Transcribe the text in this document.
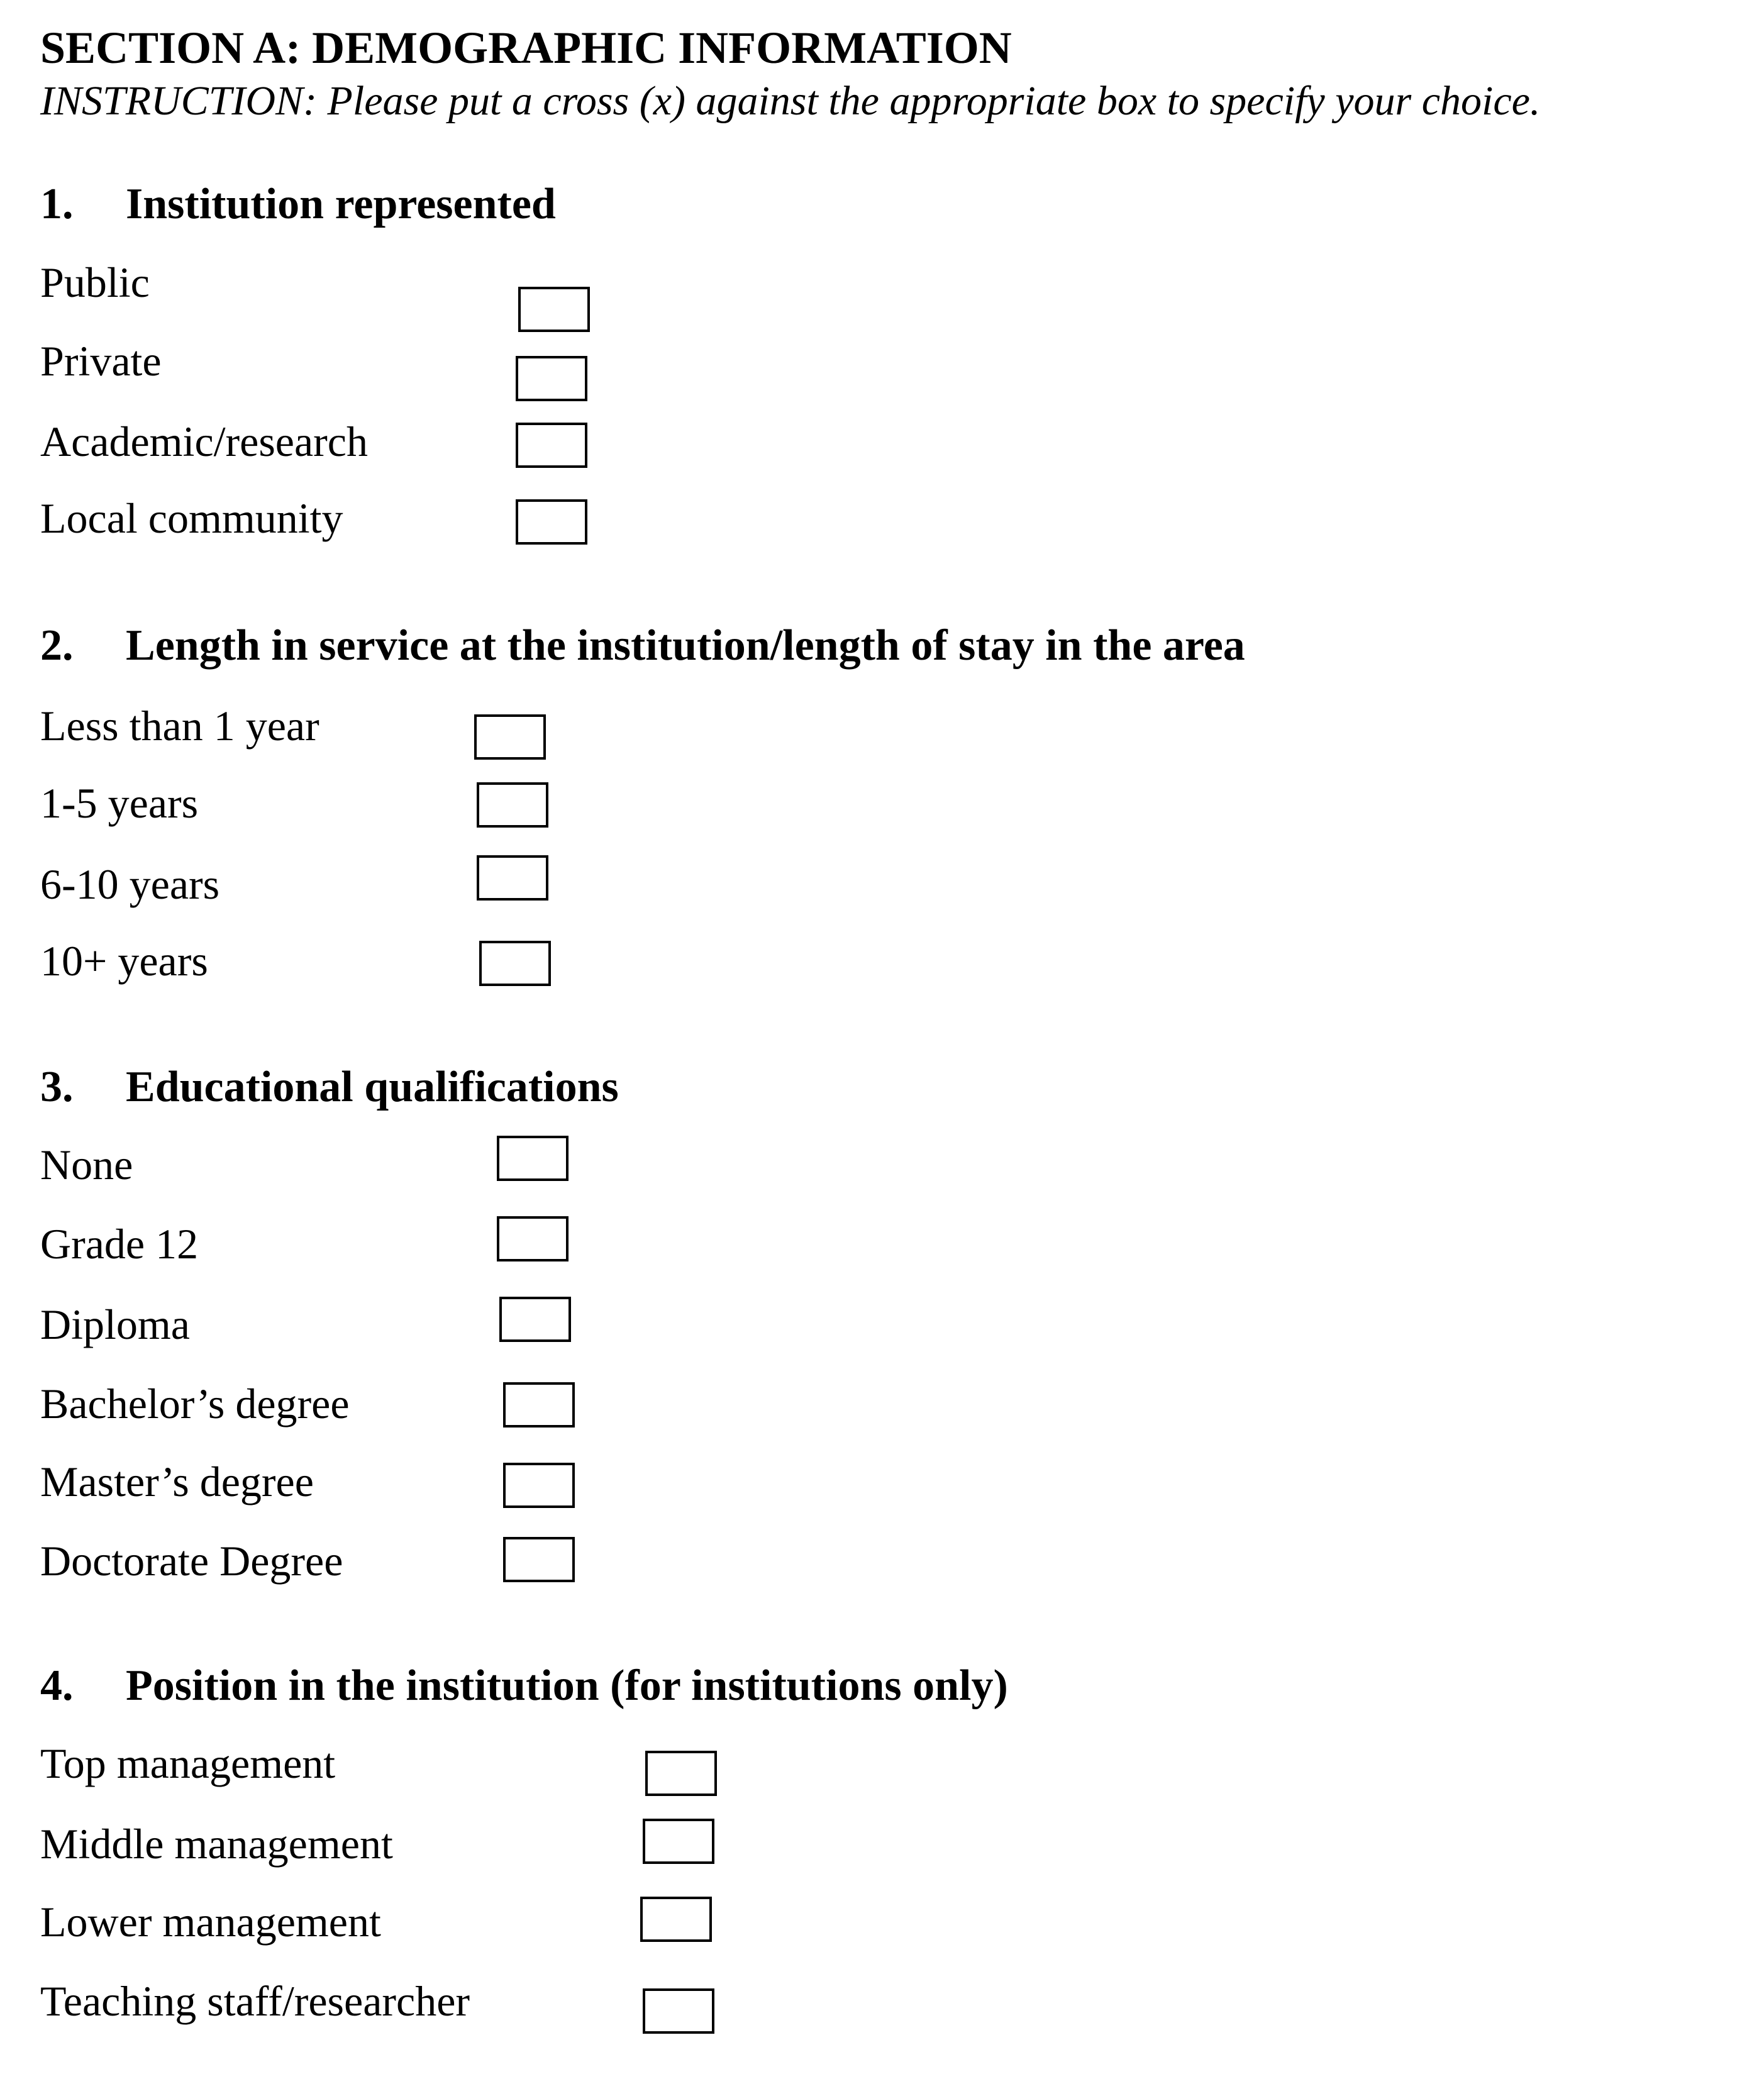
SECTION A: DEMOGRAPHIC INFORMATION
INSTRUCTION: Please put a cross (x) against the appropriate box to specify your choice.
1. Institution represented
Public
Private
Academic/research
Local community
2. Length in service at the institution/length of stay in the area
Less than 1 year
1-5 years
6-10 years
10+ years
3. Educational qualifications
None
Grade 12
Diploma
Bachelor’s degree
Master’s degree
Doctorate Degree
4. Position in the institution (for institutions only)
Top management
Middle management
Lower management
Teaching staff/researcher
